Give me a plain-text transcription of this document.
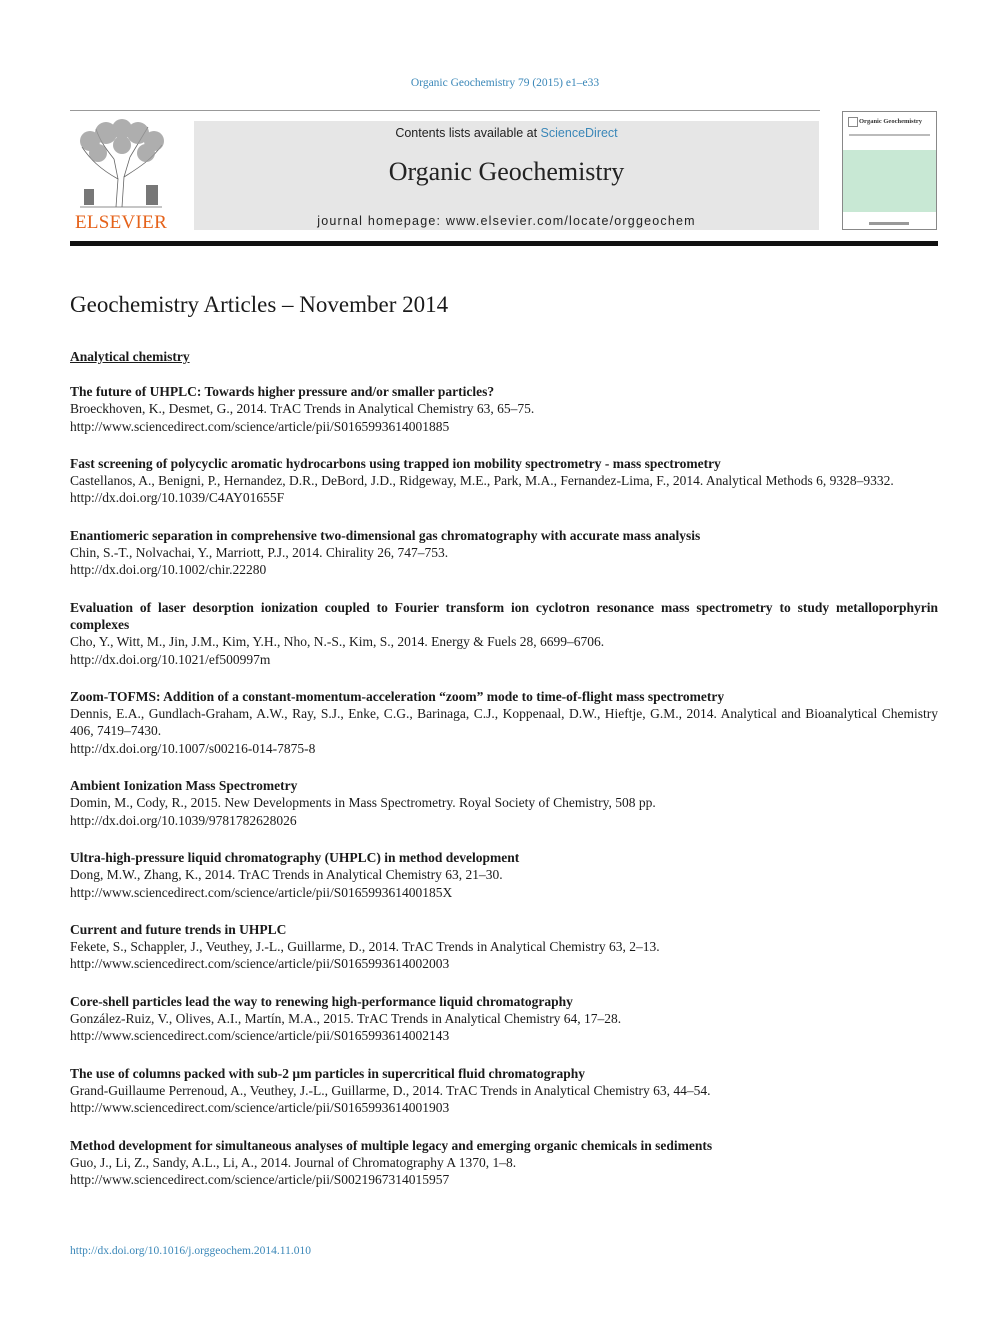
Organic Geochemistry 79 (2015) e1–e33
ELSEVIER
Contents lists available at ScienceDirect
Organic Geochemistry
journal homepage: www.elsevier.com/locate/orggeochem
Organic Geochemistry
Geochemistry Articles – November 2014
Analytical chemistry
The future of UHPLC: Towards higher pressure and/or smaller particles?
Broeckhoven, K., Desmet, G., 2014. TrAC Trends in Analytical Chemistry 63, 65–75.
http://www.sciencedirect.com/science/article/pii/S0165993614001885
Fast screening of polycyclic aromatic hydrocarbons using trapped ion mobility spectrometry - mass spectrometry
Castellanos, A., Benigni, P., Hernandez, D.R., DeBord, J.D., Ridgeway, M.E., Park, M.A., Fernandez-Lima, F., 2014. Analytical Methods 6, 9328–9332.
http://dx.doi.org/10.1039/C4AY01655F
Enantiomeric separation in comprehensive two-dimensional gas chromatography with accurate mass analysis
Chin, S.-T., Nolvachai, Y., Marriott, P.J., 2014. Chirality 26, 747–753.
http://dx.doi.org/10.1002/chir.22280
Evaluation of laser desorption ionization coupled to Fourier transform ion cyclotron resonance mass spectrometry to study metalloporphyrin complexes
Cho, Y., Witt, M., Jin, J.M., Kim, Y.H., Nho, N.-S., Kim, S., 2014. Energy & Fuels 28, 6699–6706.
http://dx.doi.org/10.1021/ef500997m
Zoom-TOFMS: Addition of a constant-momentum-acceleration “zoom” mode to time-of-flight mass spectrometry
Dennis, E.A., Gundlach-Graham, A.W., Ray, S.J., Enke, C.G., Barinaga, C.J., Koppenaal, D.W., Hieftje, G.M., 2014. Analytical and Bioanalytical Chemistry 406, 7419–7430.
http://dx.doi.org/10.1007/s00216-014-7875-8
Ambient Ionization Mass Spectrometry
Domin, M., Cody, R., 2015. New Developments in Mass Spectrometry. Royal Society of Chemistry, 508 pp.
http://dx.doi.org/10.1039/9781782628026
Ultra-high-pressure liquid chromatography (UHPLC) in method development
Dong, M.W., Zhang, K., 2014. TrAC Trends in Analytical Chemistry 63, 21–30.
http://www.sciencedirect.com/science/article/pii/S016599361400185X
Current and future trends in UHPLC
Fekete, S., Schappler, J., Veuthey, J.-L., Guillarme, D., 2014. TrAC Trends in Analytical Chemistry 63, 2–13.
http://www.sciencedirect.com/science/article/pii/S0165993614002003
Core-shell particles lead the way to renewing high-performance liquid chromatography
González-Ruiz, V., Olives, A.I., Martín, M.A., 2015. TrAC Trends in Analytical Chemistry 64, 17–28.
http://www.sciencedirect.com/science/article/pii/S0165993614002143
The use of columns packed with sub-2 µm particles in supercritical fluid chromatography
Grand-Guillaume Perrenoud, A., Veuthey, J.-L., Guillarme, D., 2014. TrAC Trends in Analytical Chemistry 63, 44–54.
http://www.sciencedirect.com/science/article/pii/S0165993614001903
Method development for simultaneous analyses of multiple legacy and emerging organic chemicals in sediments
Guo, J., Li, Z., Sandy, A.L., Li, A., 2014. Journal of Chromatography A 1370, 1–8.
http://www.sciencedirect.com/science/article/pii/S0021967314015957
http://dx.doi.org/10.1016/j.orggeochem.2014.11.010
